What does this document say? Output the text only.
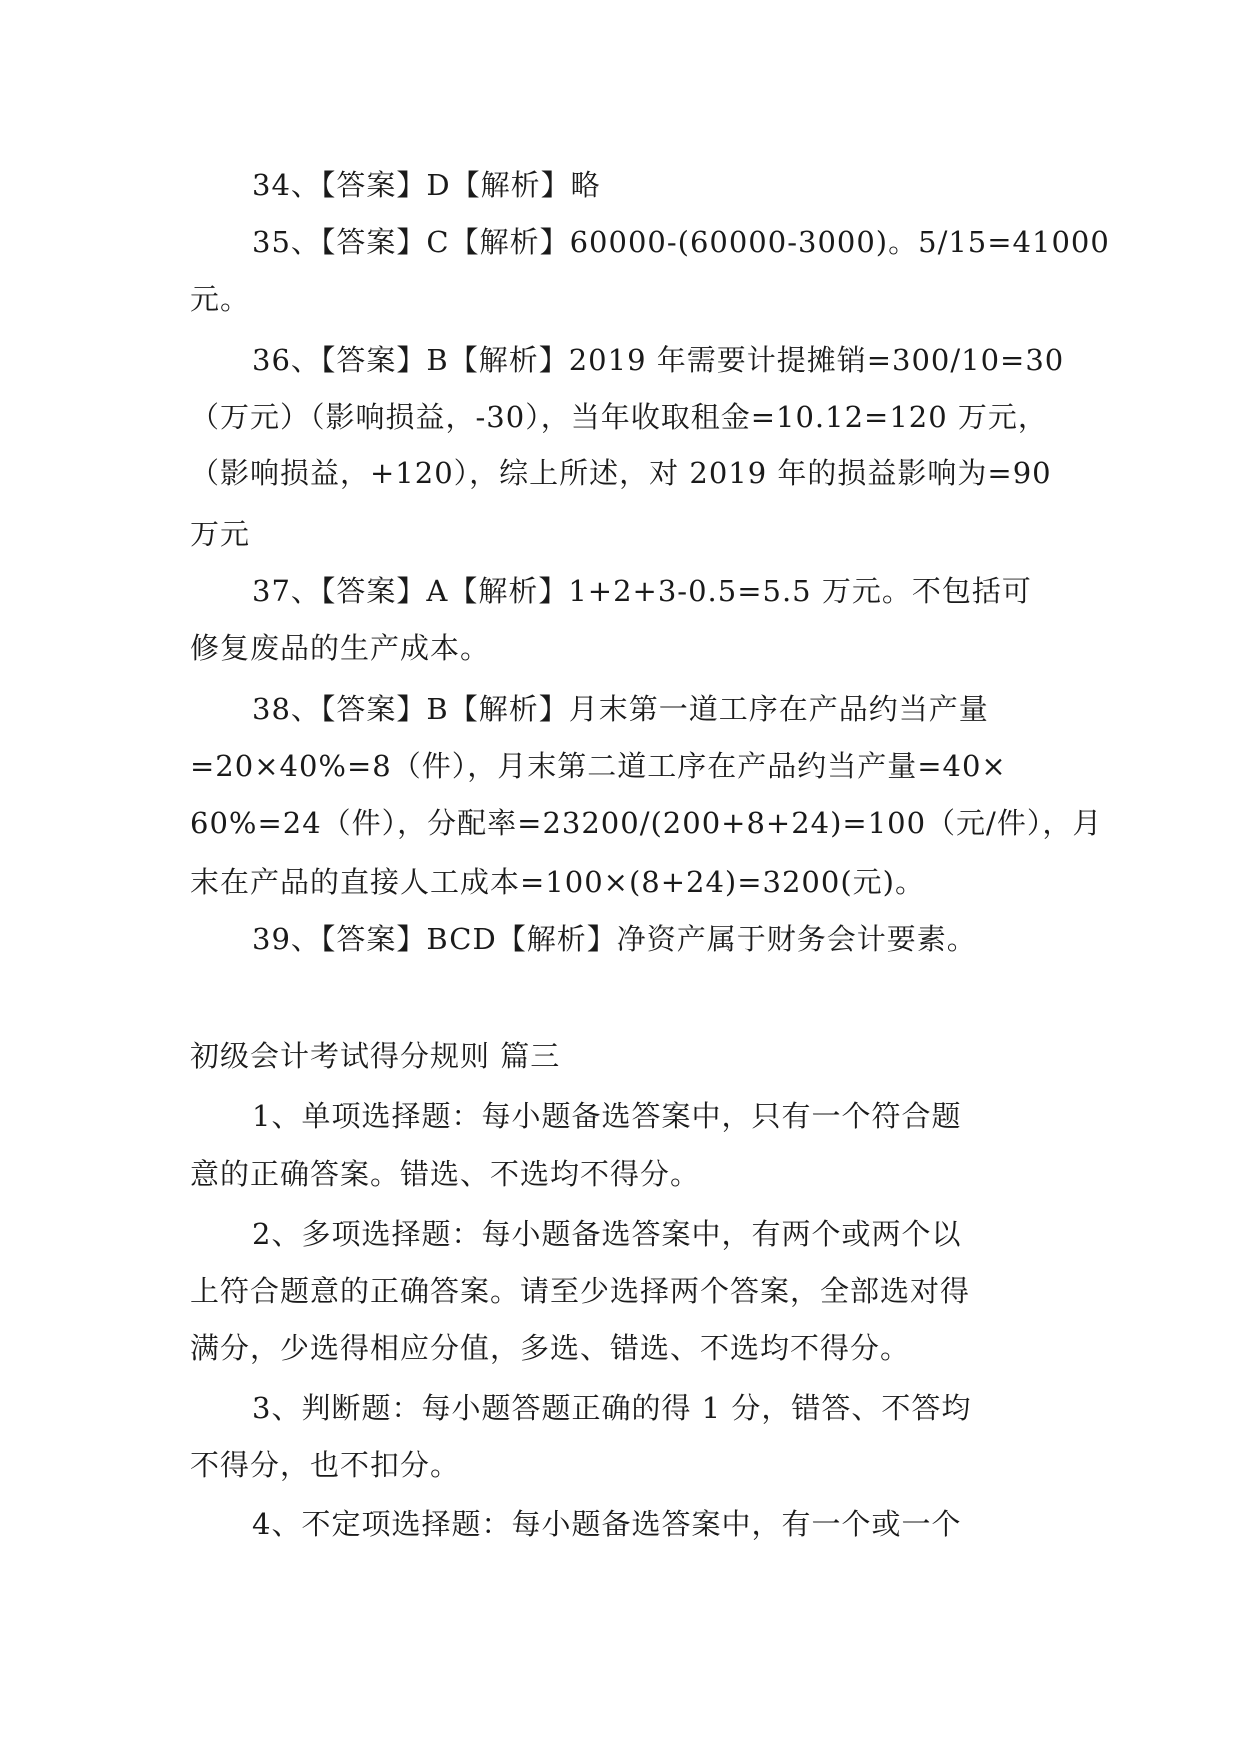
34、【答案】D【解析】略
35、【答案】C【解析】60000-(60000-3000)。5/15=41000
元。
36、【答案】B【解析】2019 年需要计提摊销=300/10=30
（万元）（影响损益，-30），当年收取租金=10.12=120 万元，
（影响损益，+120），综上所述，对 2019 年的损益影响为=90
万元
37、【答案】A【解析】1+2+3-0.5=5.5 万元。不包括可
修复废品的生产成本。
38、【答案】B【解析】月末第一道工序在产品约当产量
=20×40%=8（件），月末第二道工序在产品约当产量=40×
60%=24（件），分配率=23200/(200+8+24)=100（元/件），月
末在产品的直接人工成本=100×(8+24)=3200(元)。
39、【答案】BCD【解析】净资产属于财务会计要素。
初级会计考试得分规则 篇三
1、单项选择题：每小题备选答案中，只有一个符合题
意的正确答案。错选、不选均不得分。
2、多项选择题：每小题备选答案中，有两个或两个以
上符合题意的正确答案。请至少选择两个答案，全部选对得
满分，少选得相应分值，多选、错选、不选均不得分。
3、判断题：每小题答题正确的得 1 分，错答、不答均
不得分，也不扣分。
4、不定项选择题：每小题备选答案中，有一个或一个
